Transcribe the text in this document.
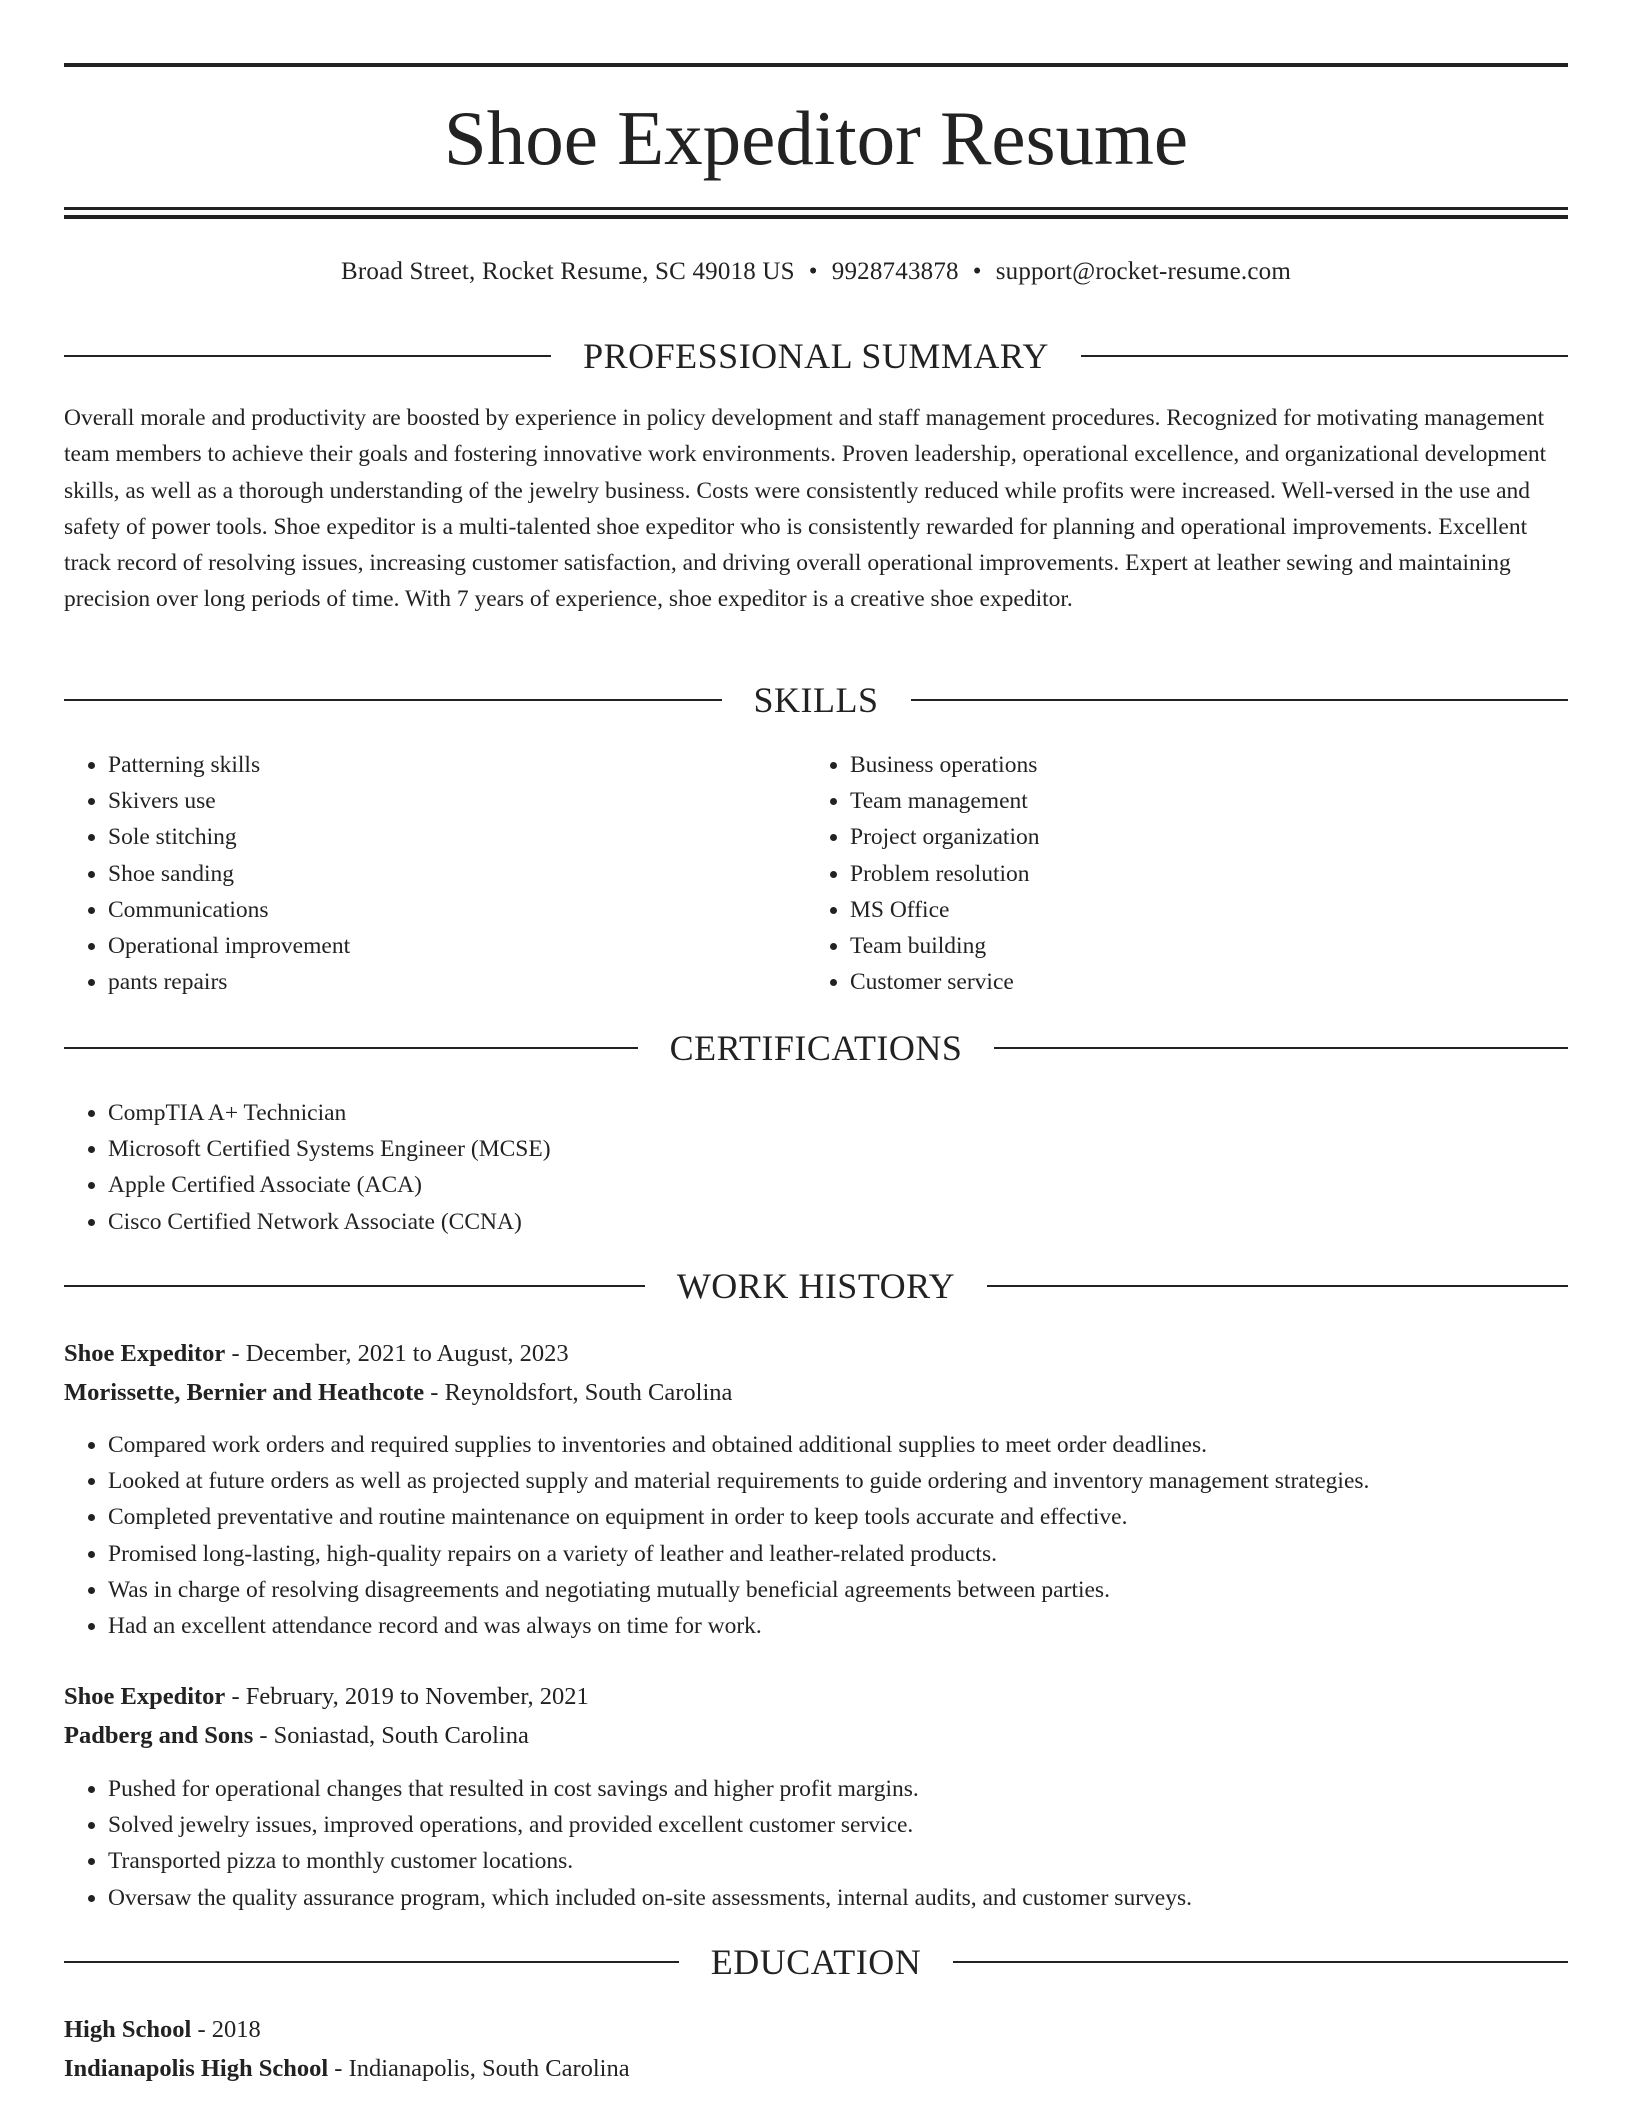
Shoe Expeditor Resume
Broad Street, Rocket Resume, SC 49018 US • 9928743878 • support@rocket-resume.com
PROFESSIONAL SUMMARY

Overall morale and productivity are boosted by experience in policy development and staff management procedures. Recognized for motivating management team members to achieve their goals and fostering innovative work environments. Proven leadership, operational excellence, and organizational development skills, as well as a thorough understanding of the jewelry business. Costs were consistently reduced while profits were increased. Well-versed in the use and safety of power tools. Shoe expeditor is a multi-talented shoe expeditor who is consistently rewarded for planning and operational improvements. Excellent track record of resolving issues, increasing customer satisfaction, and driving overall operational improvements. Expert at leather sewing and maintaining precision over long periods of time. With 7 years of experience, shoe expeditor is a creative shoe expeditor.

SKILLS
• Patterning skills
• Skivers use
• Sole stitching
• Shoe sanding
• Communications
• Operational improvement
• pants repairs
• Business operations
• Team management
• Project organization
• Problem resolution
• MS Office
• Team building
• Customer service
CERTIFICATIONS
• CompTIA A+ Technician
• Microsoft Certified Systems Engineer (MCSE)
• Apple Certified Associate (ACA)
• Cisco Certified Network Associate (CCNA)
WORK HISTORY
Shoe Expeditor - December, 2021 to August, 2023
Morissette, Bernier and Heathcote - Reynoldsfort, South Carolina
• Compared work orders and required supplies to inventories and obtained additional supplies to meet order deadlines.
• Looked at future orders as well as projected supply and material requirements to guide ordering and inventory management strategies.
• Completed preventative and routine maintenance on equipment in order to keep tools accurate and effective.
• Promised long-lasting, high-quality repairs on a variety of leather and leather-related products.
• Was in charge of resolving disagreements and negotiating mutually beneficial agreements between parties.
• Had an excellent attendance record and was always on time for work.
Shoe Expeditor - February, 2019 to November, 2021
Padberg and Sons - Soniastad, South Carolina
• Pushed for operational changes that resulted in cost savings and higher profit margins.
• Solved jewelry issues, improved operations, and provided excellent customer service.
• Transported pizza to monthly customer locations.
• Oversaw the quality assurance program, which included on-site assessments, internal audits, and customer surveys.
EDUCATION
High School - 2018
Indianapolis High School - Indianapolis, South Carolina
